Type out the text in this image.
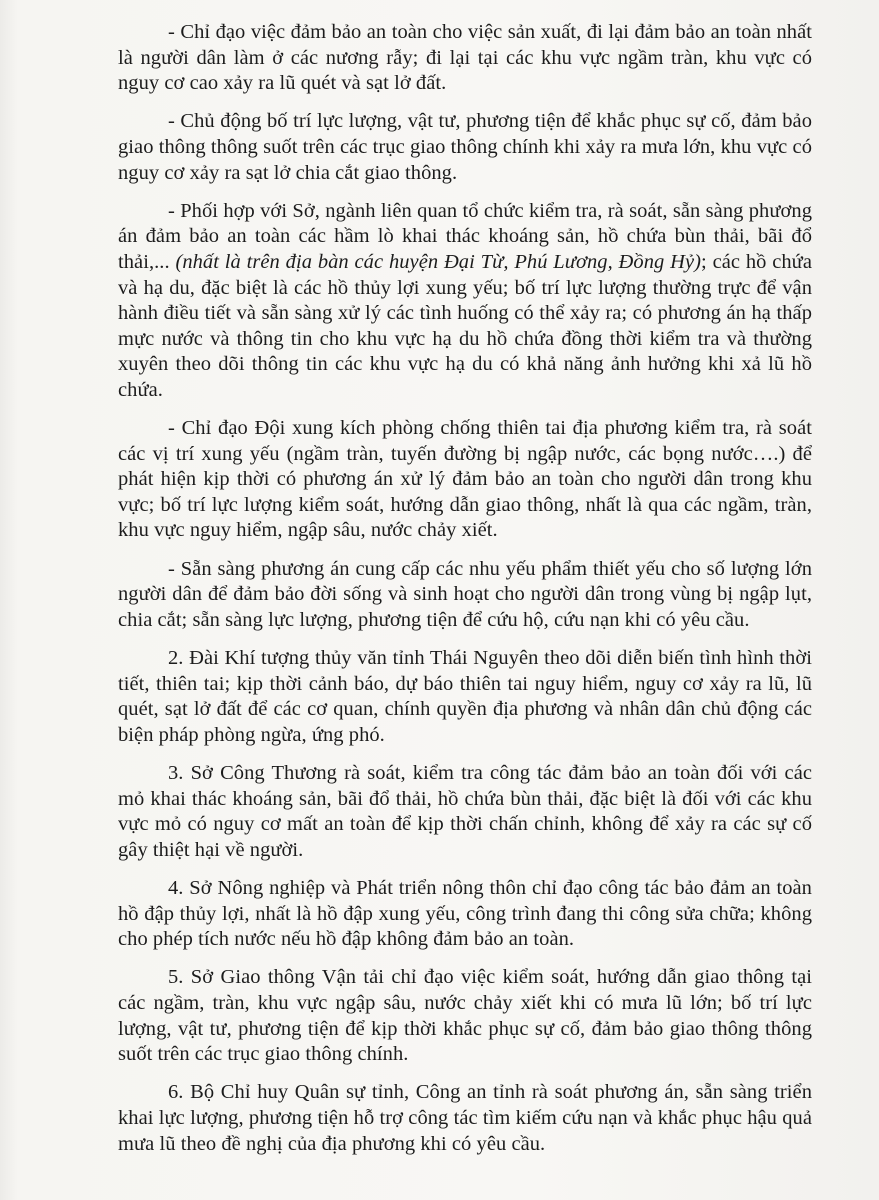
- Chỉ đạo việc đảm bảo an toàn cho việc sản xuất, đi lại đảm bảo an toàn nhất là người dân làm ở các nương rẫy; đi lại tại các khu vực ngầm tràn, khu vực có nguy cơ cao xảy ra lũ quét và sạt lở đất.

- Chủ động bố trí lực lượng, vật tư, phương tiện để khắc phục sự cố, đảm bảo giao thông thông suốt trên các trục giao thông chính khi xảy ra mưa lớn, khu vực có nguy cơ xảy ra sạt lở chia cắt giao thông.

- Phối hợp với Sở, ngành liên quan tổ chức kiểm tra, rà soát, sẵn sàng phương án đảm bảo an toàn các hầm lò khai thác khoáng sản, hồ chứa bùn thải, bãi đổ thải,... (nhất là trên địa bàn các huyện Đại Từ, Phú Lương, Đồng Hỷ); các hồ chứa và hạ du, đặc biệt là các hồ thủy lợi xung yếu; bố trí lực lượng thường trực để vận hành điều tiết và sẵn sàng xử lý các tình huống có thể xảy ra; có phương án hạ thấp mực nước và thông tin cho khu vực hạ du hồ chứa đồng thời kiểm tra và thường xuyên theo dõi thông tin các khu vực hạ du có khả năng ảnh hưởng khi xả lũ hồ chứa.

- Chỉ đạo Đội xung kích phòng chống thiên tai địa phương kiểm tra, rà soát các vị trí xung yếu (ngầm tràn, tuyến đường bị ngập nước, các bọng nước….) để phát hiện kịp thời có phương án xử lý đảm bảo an toàn cho người dân trong khu vực; bố trí lực lượng kiểm soát, hướng dẫn giao thông, nhất là qua các ngầm, tràn, khu vực nguy hiểm, ngập sâu, nước chảy xiết.

- Sẵn sàng phương án cung cấp các nhu yếu phẩm thiết yếu cho số lượng lớn người dân để đảm bảo đời sống và sinh hoạt cho người dân trong vùng bị ngập lụt, chia cắt; sẵn sàng lực lượng, phương tiện để cứu hộ, cứu nạn khi có yêu cầu.

2. Đài Khí tượng thủy văn tỉnh Thái Nguyên theo dõi diễn biến tình hình thời tiết, thiên tai; kịp thời cảnh báo, dự báo thiên tai nguy hiểm, nguy cơ xảy ra lũ, lũ quét, sạt lở đất để các cơ quan, chính quyền địa phương và nhân dân chủ động các biện pháp phòng ngừa, ứng phó.

3. Sở Công Thương rà soát, kiểm tra công tác đảm bảo an toàn đối với các mỏ khai thác khoáng sản, bãi đổ thải, hồ chứa bùn thải, đặc biệt là đối với các khu vực mỏ có nguy cơ mất an toàn để kịp thời chấn chỉnh, không để xảy ra các sự cố gây thiệt hại về người.

4. Sở Nông nghiệp và Phát triển nông thôn chỉ đạo công tác bảo đảm an toàn hồ đập thủy lợi, nhất là hồ đập xung yếu, công trình đang thi công sửa chữa; không cho phép tích nước nếu hồ đập không đảm bảo an toàn.

5. Sở Giao thông Vận tải chỉ đạo việc kiểm soát, hướng dẫn giao thông tại các ngầm, tràn, khu vực ngập sâu, nước chảy xiết khi có mưa lũ lớn; bố trí lực lượng, vật tư, phương tiện để kịp thời khắc phục sự cố, đảm bảo giao thông thông suốt trên các trục giao thông chính.

6. Bộ Chỉ huy Quân sự tỉnh, Công an tỉnh rà soát phương án, sẵn sàng triển khai lực lượng, phương tiện hỗ trợ công tác tìm kiếm cứu nạn và khắc phục hậu quả mưa lũ theo đề nghị của địa phương khi có yêu cầu.
